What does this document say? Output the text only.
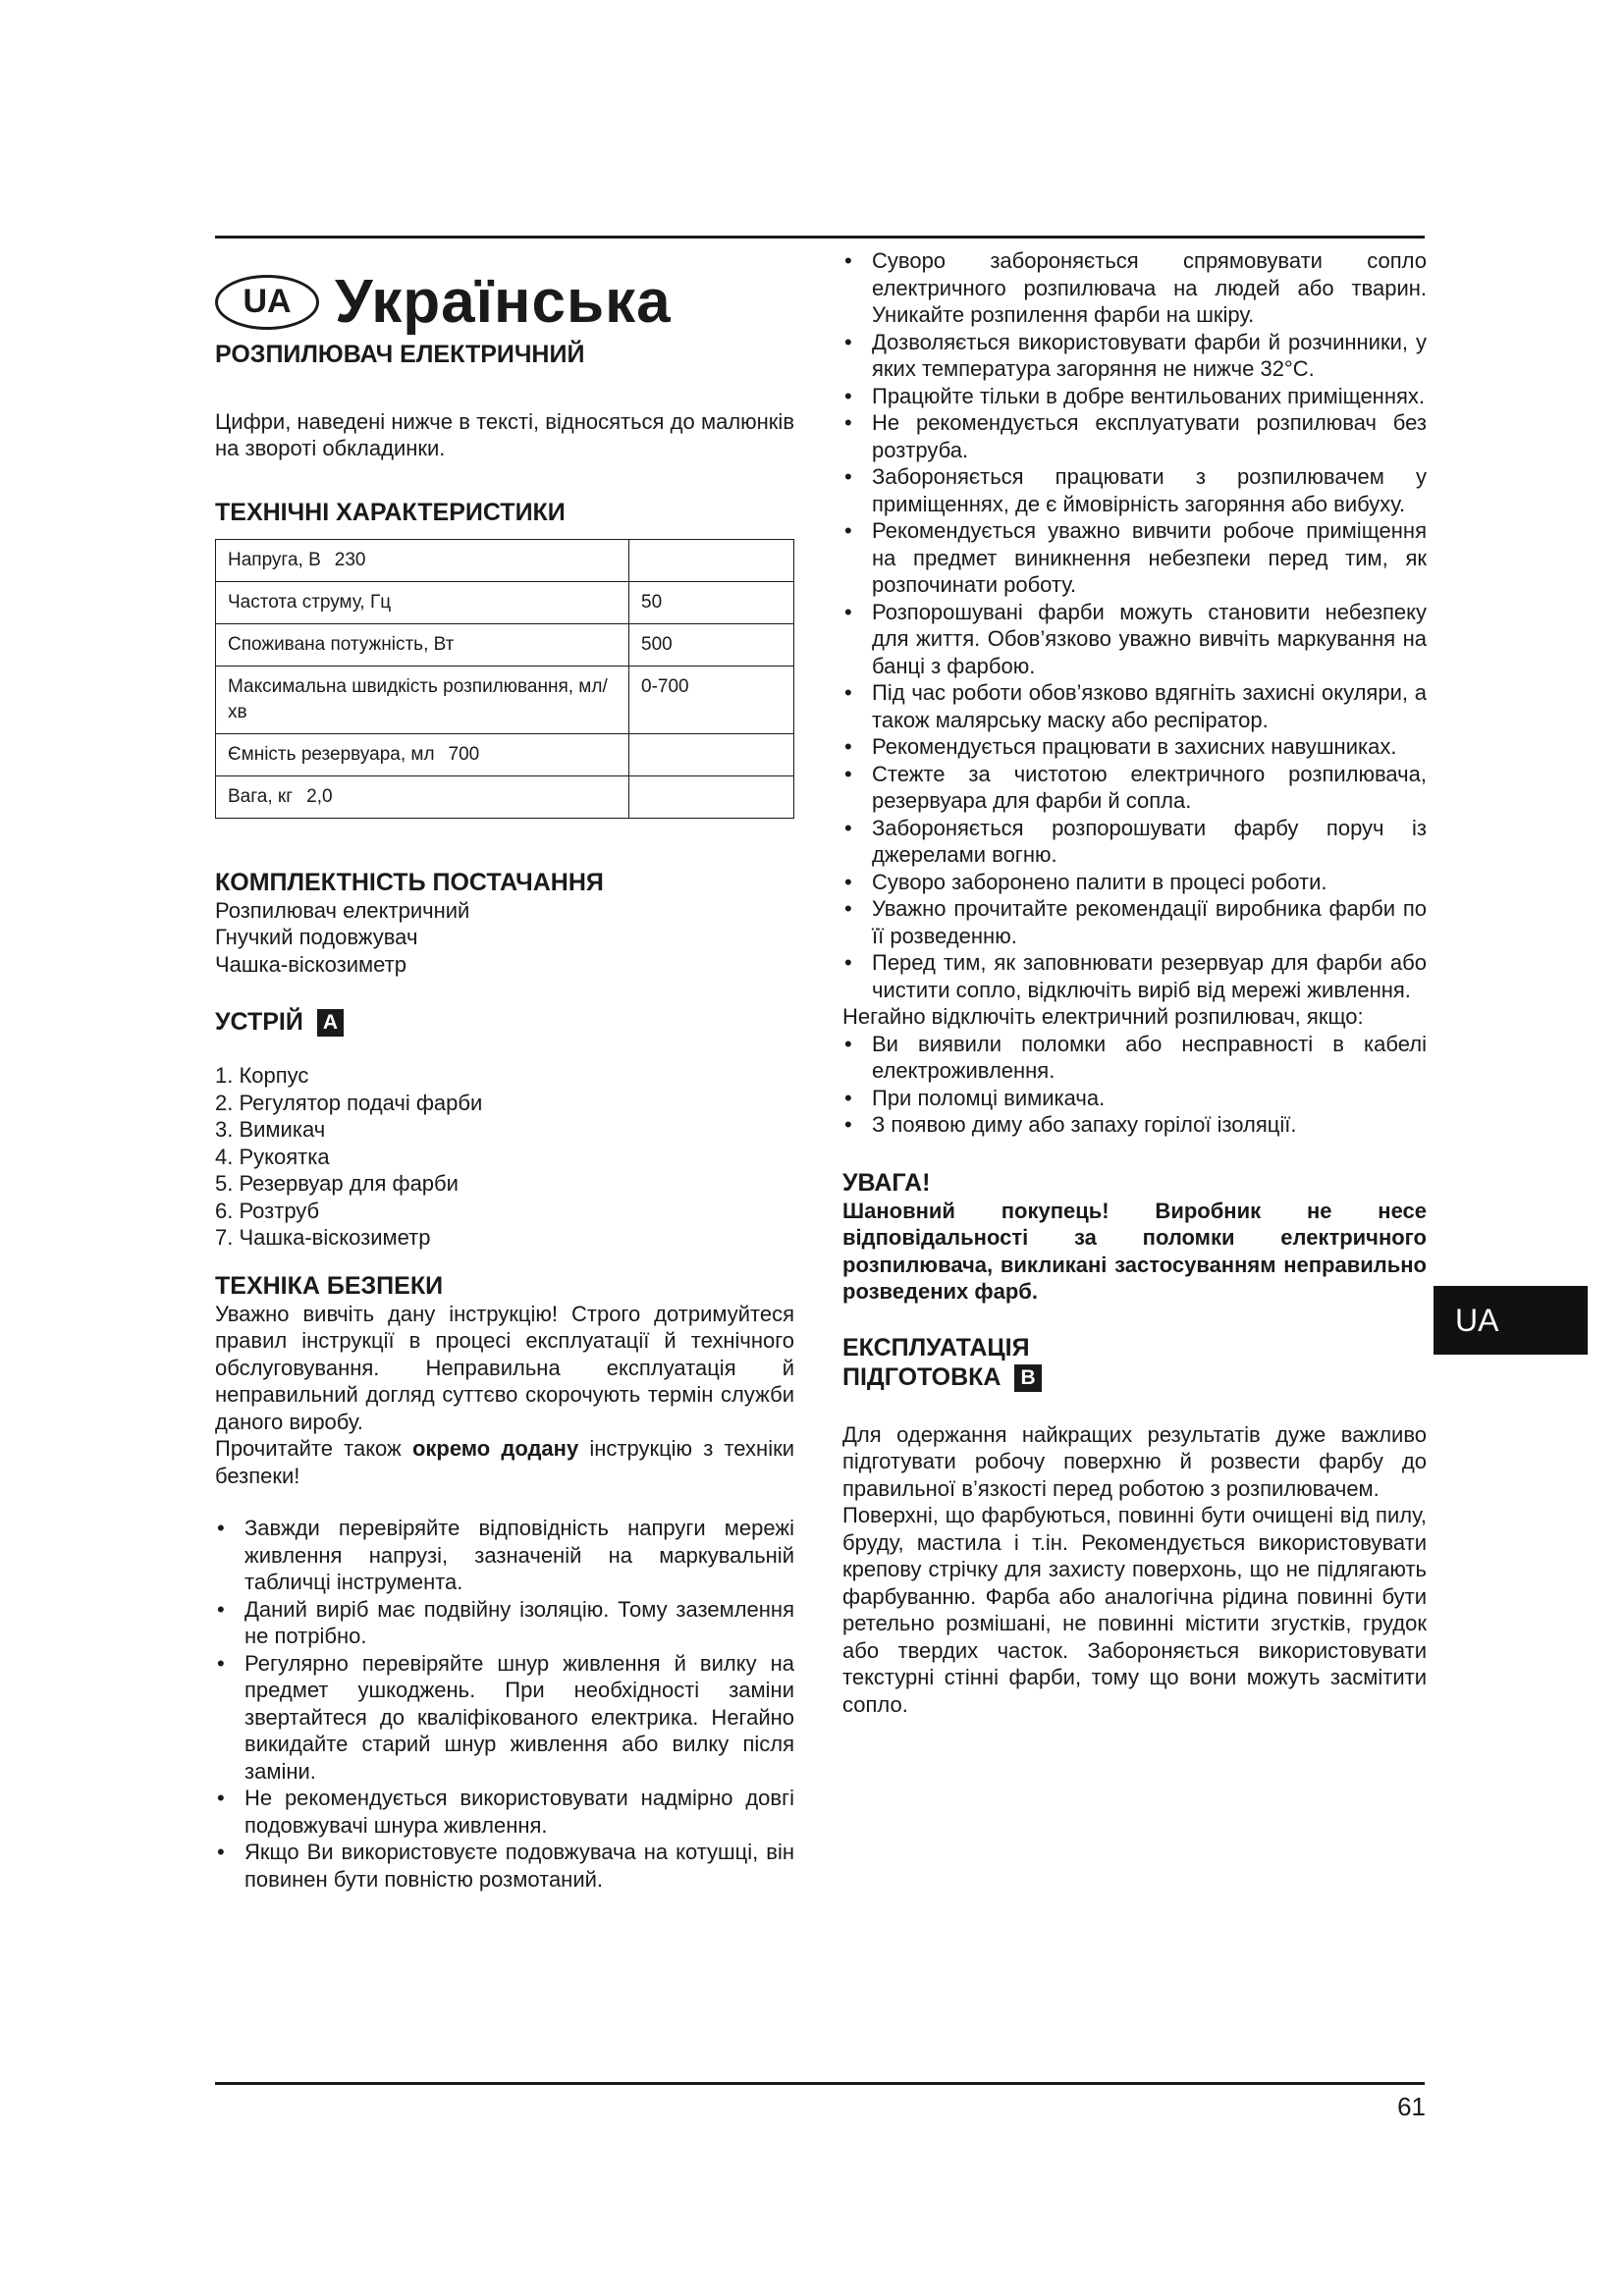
UA Українська
РОЗПИЛЮВАЧ ЕЛЕКТРИЧНИЙ

Цифри, наведені нижче в тексті, відносяться до малюнків на звороті обкладинки.

ТЕХНІЧНІ ХАРАКТЕРИСТИКИ
Напруга, В 230	
Частота струму, Гц	50
Споживана потужність, Вт	500
Максимальна швидкість розпилювання, мл/хв	0-700
Ємність резервуара, мл 700	
Вага, кг 2,0	
КОМПЛЕКТНІСТЬ ПОСТАЧАННЯ
Розпилювач електричний
Гнучкий подовжувач
Чашка-віскозиметр
УСТРІЙ A
1. Корпус
2. Регулятор подачі фарби
3. Вимикач
4. Рукоятка
5. Резервуар для фарби
6. Розтруб
7. Чашка-віскозиметр
ТЕХНІКА БЕЗПЕКИ

Уважно вивчіть дану інструкцію! Строго дотримуйтеся правил інструкції в процесі експлуатації й технічного обслуговування. Неправильна експлуатація й неправильний догляд суттєво скорочують термін служби даного виробу.

Прочитайте також окремо додану інструкцію з техніки безпеки!

• Завжди перевіряйте відповідність напруги мережі живлення напрузі, зазначеній на маркувальній табличці інструмента.
• Даний виріб має подвійну ізоляцію. Тому заземлення не потрібно.
• Регулярно перевіряйте шнур живлення й вилку на предмет ушкоджень. При необхідності заміни звертайтеся до кваліфікованого електрика. Негайно викидайте старий шнур живлення або вилку після заміни.
• Не рекомендується використовувати надмірно довгі подовжувачі шнура живлення.
• Якщо Ви використовуєте подовжувача на котушці, він повинен бути повністю розмотаний.
• Суворо забороняється спрямовувати сопло електричного розпилювача на людей або тварин. Уникайте розпилення фарби на шкіру.
• Дозволяється використовувати фарби й розчинники, у яких температура загоряння не нижче 32°C.
• Працюйте тільки в добре вентильованих приміщеннях.
• Не рекомендується експлуатувати розпилювач без розтруба.
• Забороняється працювати з розпилювачем у приміщеннях, де є ймовірність загоряння або вибуху.
• Рекомендується уважно вивчити робоче приміщення на предмет виникнення небезпеки перед тим, як розпочинати роботу.
• Розпорошувані фарби можуть становити небезпеку для життя. Обов’язково уважно вивчіть маркування на банці з фарбою.
• Під час роботи обов’язково вдягніть захисні окуляри, а також малярську маску або респіратор.
• Рекомендується працювати в захисних навушниках.
• Стежте за чистотою електричного розпилювача, резервуара для фарби й сопла.
• Забороняється розпорошувати фарбу поруч із джерелами вогню.
• Суворо заборонено палити в процесі роботи.
• Уважно прочитайте рекомендації виробника фарби по її розведенню.
• Перед тим, як заповнювати резервуар для фарби або чистити сопло, відключіть виріб від мережі живлення.

Негайно відключіть електричний розпилювач, якщо:

• Ви виявили поломки або несправності в кабелі електроживлення.
• При поломці вимикача.
• З появою диму або запаху горілої ізоляції.
УВАГА!

Шановний покупець! Виробник не несе відповідальності за поломки електричного розпилювача, викликані застосуванням неправильно розведених фарб.

ЕКСПЛУАТАЦІЯ
ПІДГОТОВКА B

Для одержання найкращих результатів дуже важливо підготувати робочу поверхню й розвести фарбу до правильної в’язкості перед роботою з розпилювачем.

Поверхні, що фарбуються, повинні бути очищені від пилу, бруду, мастила і т.ін. Рекомендується використовувати крепову стрічку для захисту поверхонь, що не підлягають фарбуванню. Фарба або аналогічна рідина повинні бути ретельно розмішані, не повинні містити згустків, грудок або твердих часток. Забороняється використовувати текстурні стінні фарби, тому що вони можуть засмітити сопло.

UA
61
